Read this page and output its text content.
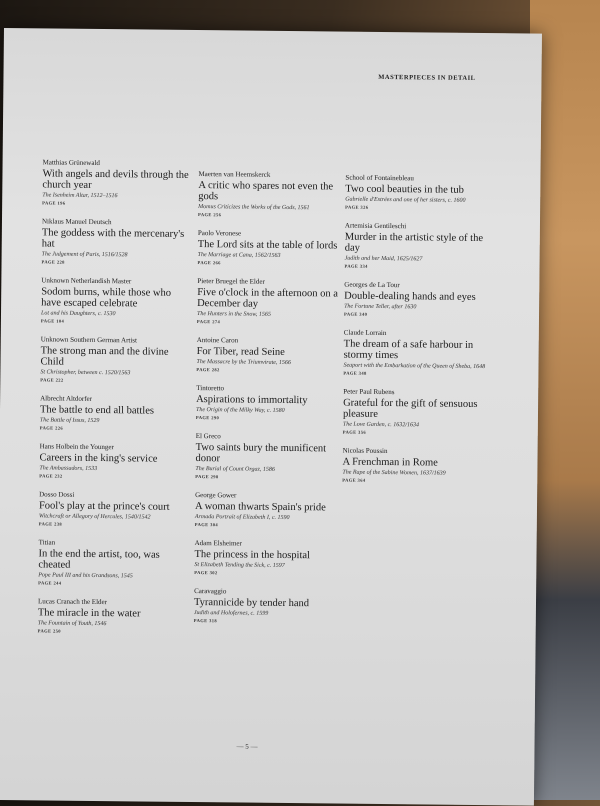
MASTERPIECES IN DETAIL
Matthias Grünewald
With angels and devils through the church year
The Isenheim Altar, 1512–1516
PAGE 196
Niklaus Manuel Deutsch
The goddess with the mercenary's hat
The Judgement of Paris, 1516/1528
PAGE 228
Unknown Netherlandish Master
Sodom burns, while those who have escaped celebrate
Lot and his Daughters, c. 1530
PAGE 104
Unknown Southern German Artist
The strong man and the divine Child
St Christopher, between c. 1520/1563
PAGE 222
Albrecht Altdorfer
The battle to end all battles
The Battle of Issus, 1529
PAGE 226
Hans Holbein the Younger
Careers in the king's service
The Ambassadors, 1533
PAGE 232
Dosso Dossi
Fool's play at the prince's court
Witchcraft or Allegory of Hercules, 1540/1542
PAGE 238
Titian
In the end the artist, too, was cheated
Pope Paul III and his Grandsons, 1545
PAGE 244
Lucas Cranach the Elder
The miracle in the water
The Fountain of Youth, 1546
PAGE 250
Maerten van Heemskerck
A critic who spares not even the gods
Momus Criticizes the Works of the Gods, 1561
PAGE 256
Paolo Veronese
The Lord sits at the table of lords
The Marriage at Cana, 1562/1563
PAGE 266
Pieter Bruegel the Elder
Five o'clock in the afternoon on a December day
The Hunters in the Snow, 1565
PAGE 274
Antoine Caron
For Tiber, read Seine
The Massacre by the Triumvirate, 1566
PAGE 282
Tintoretto
Aspirations to immortality
The Origin of the Milky Way, c. 1580
PAGE 290
El Greco
Two saints bury the munificent donor
The Burial of Count Orgaz, 1586
PAGE 298
George Gower
A woman thwarts Spain's pride
Armada Portrait of Elizabeth I, c. 1590
PAGE 304
Adam Elsheimer
The princess in the hospital
St Elizabeth Tending the Sick, c. 1597
PAGE 302
Caravaggio
Tyrannicide by tender hand
Judith and Holofernes, c. 1599
PAGE 318
School of Fontainebleau
Two cool beauties in the tub
Gabrielle d'Estrées and one of her sisters, c. 1600
PAGE 326
Artemisia Gentileschi
Murder in the artistic style of the day
Judith and her Maid, 1625/1627
PAGE 334
Georges de La Tour
Double-dealing hands and eyes
The Fortune Teller, after 1630
PAGE 340
Claude Lorrain
The dream of a safe harbour in stormy times
Seaport with the Embarkation of the Queen of Sheba, 1648
PAGE 348
Peter Paul Rubens
Grateful for the gift of sensuous pleasure
The Love Garden, c. 1632/1634
PAGE 356
Nicolas Poussin
A Frenchman in Rome
The Rape of the Sabine Women, 1637/1639
PAGE 364
— 5 —
